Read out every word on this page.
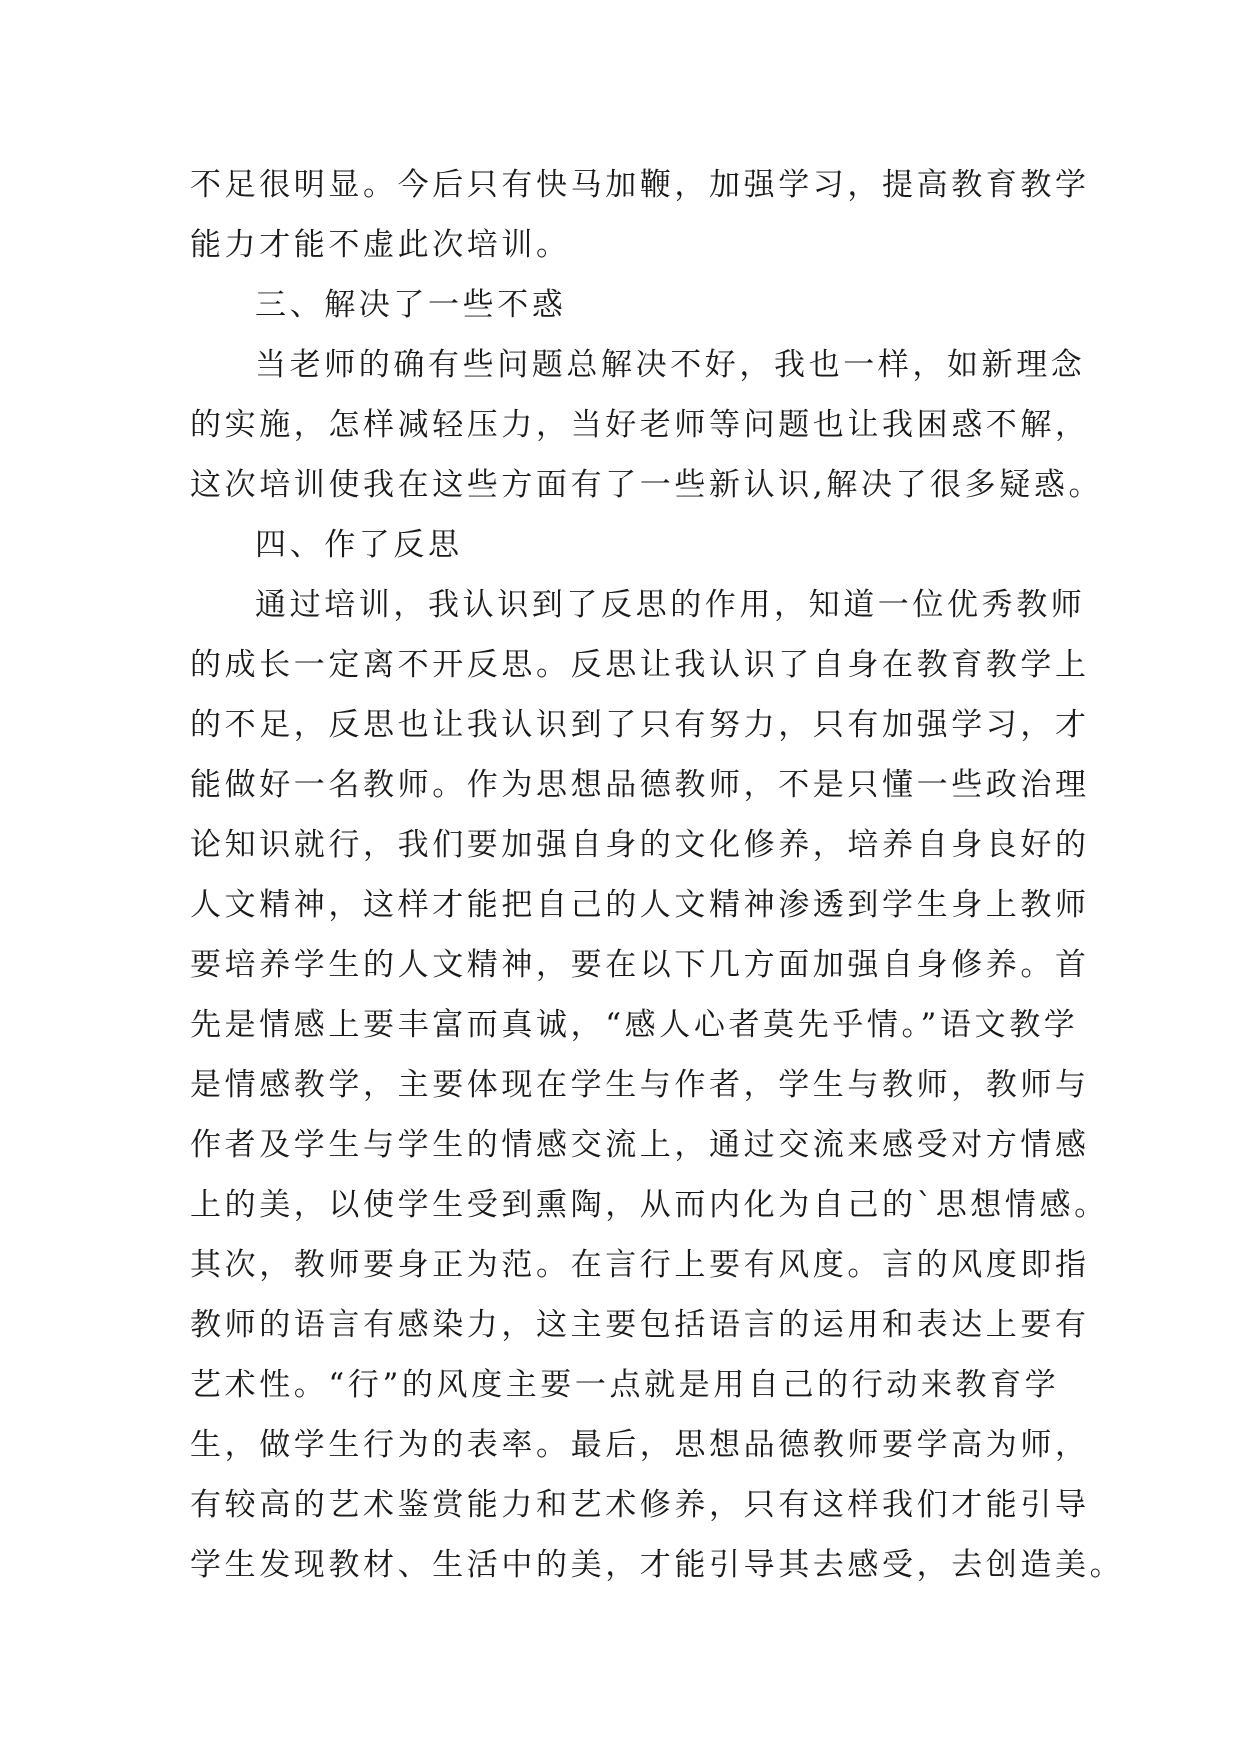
不足很明显。今后只有快马加鞭，加强学习，提高教育教学
能力才能不虚此次培训。
三、解决了一些不惑
当老师的确有些问题总解决不好，我也一样，如新理念
的实施，怎样减轻压力，当好老师等问题也让我困惑不解，
这次培训使我在这些方面有了一些新认识,解决了很多疑惑。
四、作了反思
通过培训，我认识到了反思的作用，知道一位优秀教师
的成长一定离不开反思。反思让我认识了自身在教育教学上
的不足，反思也让我认识到了只有努力，只有加强学习，才
能做好一名教师。作为思想品德教师，不是只懂一些政治理
论知识就行，我们要加强自身的文化修养，培养自身良好的
人文精神，这样才能把自己的人文精神渗透到学生身上教师
要培养学生的人文精神，要在以下几方面加强自身修养。首
先是情感上要丰富而真诚，“感人心者莫先乎情。”语文教学
是情感教学，主要体现在学生与作者，学生与教师，教师与
作者及学生与学生的情感交流上，通过交流来感受对方情感
上的美，以使学生受到熏陶，从而内化为自己的`思想情感。
其次，教师要身正为范。在言行上要有风度。言的风度即指
教师的语言有感染力，这主要包括语言的运用和表达上要有
艺术性。“行”的风度主要一点就是用自己的行动来教育学
生，做学生行为的表率。最后，思想品德教师要学高为师，
有较高的艺术鉴赏能力和艺术修养，只有这样我们才能引导
学生发现教材、生活中的美，才能引导其去感受，去创造美。
